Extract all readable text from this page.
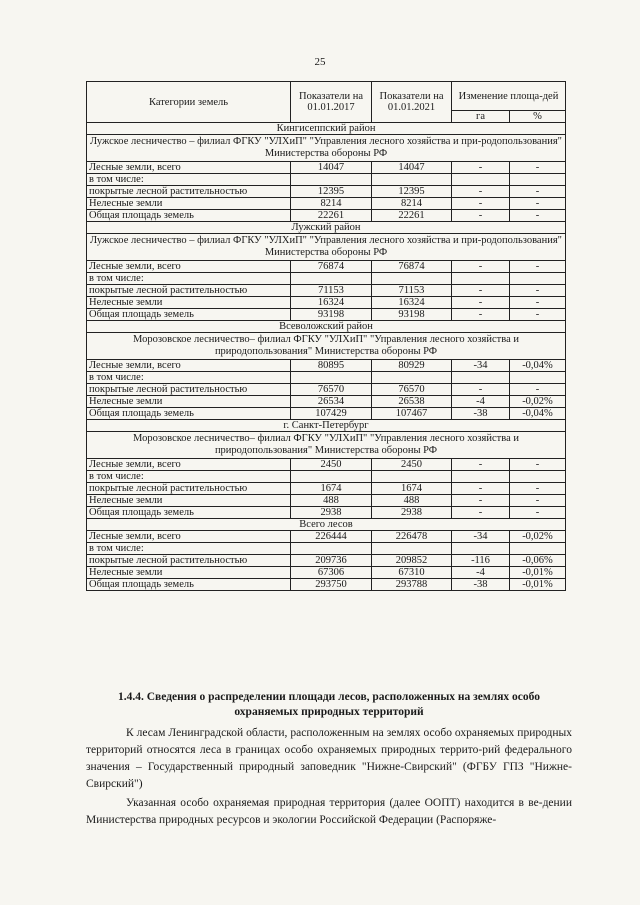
25
Категории земель	Показатели на 01.01.2017	Показатели на 01.01.2021	Изменение площа-дей	
			га	%
Кингисеппский район				
Лужское лесничество – филиал ФГКУ "УЛХиП" "Управления лесного хозяйства и при-родопользования" Министерства обороны РФ				
Лесные земли, всего	14047	14047	-	-
в том числе:				
покрытые лесной растительностью	12395	12395	-	-
Нелесные земли	8214	8214	-	-
Общая площадь земель	22261	22261	-	-
Лужский район				
Лужское лесничество – филиал ФГКУ "УЛХиП" "Управления лесного хозяйства и при-родопользования" Министерства обороны РФ				
Лесные земли, всего	76874	76874	-	-
в том числе:				
покрытые лесной растительностью	71153	71153	-	-
Нелесные земли	16324	16324	-	-
Общая площадь земель	93198	93198	-	-
Всеволожский район				
Морозовское лесничество– филиал ФГКУ "УЛХиП" "Управления лесного хозяйства и природопользования" Министерства обороны РФ				
Лесные земли, всего	80895	80929	-34	-0,04%
в том числе:				
покрытые лесной растительностью	76570	76570	-	-
Нелесные земли	26534	26538	-4	-0,02%
Общая площадь земель	107429	107467	-38	-0,04%
г. Санкт-Петербург				
Морозовское лесничество– филиал ФГКУ "УЛХиП" "Управления лесного хозяйства и природопользования" Министерства обороны РФ				
Лесные земли, всего	2450	2450	-	-
в том числе:				
покрытые лесной растительностью	1674	1674	-	-
Нелесные земли	488	488	-	-
Общая площадь земель	2938	2938	-	-
Всего лесов				
Лесные земли, всего	226444	226478	-34	-0,02%
в том числе:				
покрытые лесной растительностью	209736	209852	-116	-0,06%
Нелесные земли	67306	67310	-4	-0,01%
Общая площадь земель	293750	293788	-38	-0,01%
1.4.4. Сведения о распределении площади лесов, расположенных на землях особо охраняемых природных территорий
К лесам Ленинградской области, расположенным на землях особо охраняемых природных территорий относятся леса в границах особо охраняемых природных террито-рий федерального значения – Государственный природный заповедник "Нижне-Свирский" (ФГБУ ГПЗ "Нижне-Свирский")
Указанная особо охраняемая природная территория (далее ООПТ) находится в ве-дении Министерства природных ресурсов и экологии Российской Федерации (Распоряже-
